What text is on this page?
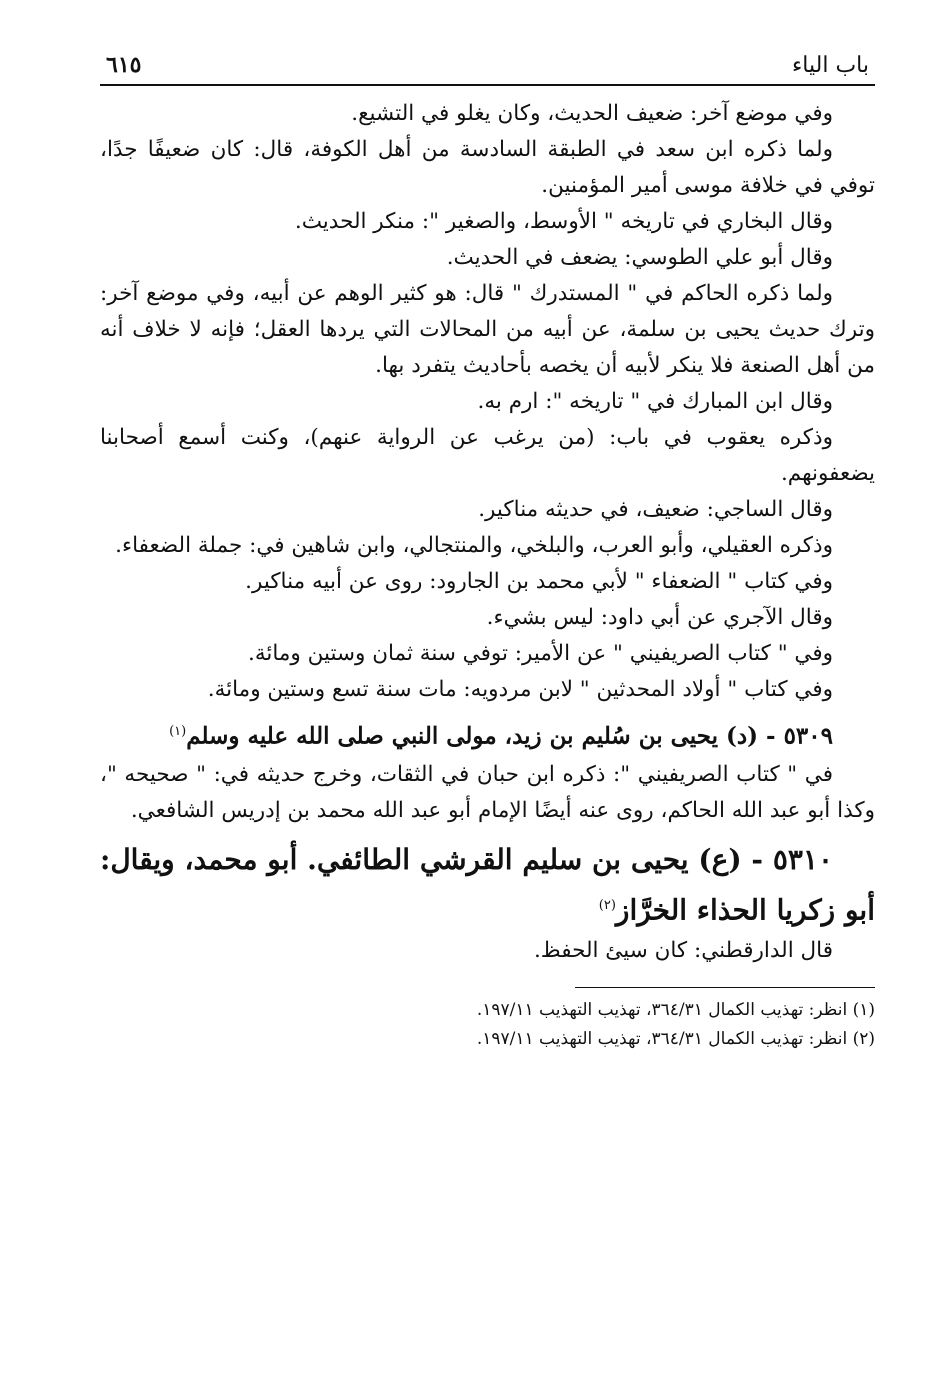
باب الياء
٦١٥

وفي موضع آخر: ضعيف الحديث، وكان يغلو في التشيع.

ولما ذكره ابن سعد في الطبقة السادسة من أهل الكوفة، قال: كان ضعيفًا جدًا، توفي في خلافة موسى أمير المؤمنين.

وقال البخاري في تاريخه " الأوسط، والصغير ": منكر الحديث.

وقال أبو علي الطوسي: يضعف في الحديث.

ولما ذكره الحاكم في " المستدرك " قال: هو كثير الوهم عن أبيه، وفي موضع آخر: وترك حديث يحيى بن سلمة، عن أبيه من المحالات التي يردها العقل؛ فإنه لا خلاف أنه من أهل الصنعة فلا ينكر لأبيه أن يخصه بأحاديث يتفرد بها.

وقال ابن المبارك في " تاريخه ": ارم به.

وذكره يعقوب في باب: (من يرغب عن الرواية عنهم)، وكنت أسمع أصحابنا يضعفونهم.

وقال الساجي: ضعيف، في حديثه مناكير.

وذكره العقيلي، وأبو العرب، والبلخي، والمنتجالي، وابن شاهين في: جملة الضعفاء.

وفي كتاب " الضعفاء " لأبي محمد بن الجارود: روى عن أبيه مناكير.

وقال الآجري عن أبي داود: ليس بشيء.

وفي " كتاب الصريفيني " عن الأمير: توفي سنة ثمان وستين ومائة.

وفي كتاب " أولاد المحدثين " لابن مردويه: مات سنة تسع وستين ومائة.

٥٣٠٩ - (د) يحيى بن سُليم بن زيد، مولى النبي صلى الله عليه وسلم$^{(١)}$

في " كتاب الصريفيني ": ذكره ابن حبان في الثقات، وخرج حديثه في: " صحيحه "، وكذا أبو عبد الله الحاكم، روى عنه أيضًا الإمام أبو عبد الله محمد بن إدريس الشافعي.

٥٣١٠ - (ع) يحيى بن سليم القرشي الطائفي. أبو محمد، ويقال: أبو زكريا الحذاء الخرَّاز$^{(٢)}$

قال الدارقطني: كان سيئ الحفظ.

(١) انظر: تهذيب الكمال ٣٦٤/٣١، تهذيب التهذيب ١٩٧/١١.

(٢) انظر: تهذيب الكمال ٣٦٤/٣١، تهذيب التهذيب ١٩٧/١١.
